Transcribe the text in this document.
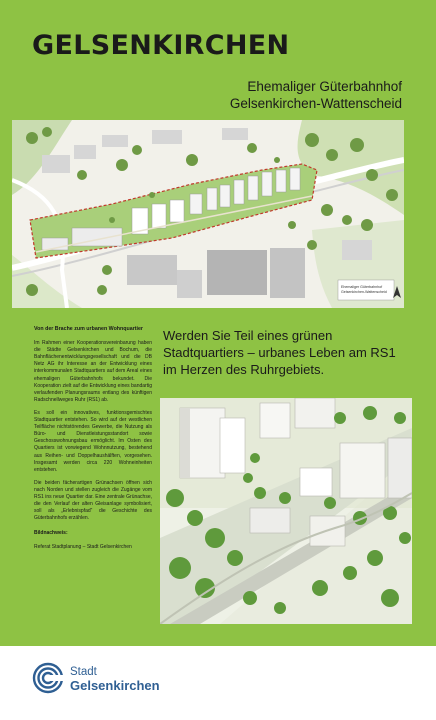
GELSENKIRCHEN
Ehemaliger Güterbahnhof
Gelsenkirchen-Wattenscheid
Ehemaliger Güterbahnhof
Gelsenkirchen-Wattenscheid
Von der Brache zum urbanen Wohnquartier

Im Rahmen einer Kooperationsvereinbarung haben die Städte Gelsenkirchen und Bochum, die Bahnflächenentwicklungsgesellschaft und die DB Netz AG ihr Interesse an der Entwicklung eines interkommunalen Stadtquartiers auf dem Areal eines ehemaligen Güterbahnhofs bekundet. Die Kooperation zielt auf die Entwicklung eines bandartig verlaufenden Planungsraums entlang des künftigen Radschnellweges Ruhr (RS1) ab.

Es soll ein innovatives, funktionsgemischtes Stadtquartier entstehen. So wird auf der westlichen Teilfläche nichtstörendes Gewerbe, die Nutzung als Büro- und Dienstleistungsstandort sowie Geschosswohnungsbau ermöglicht. Im Osten des Quartiers ist vorwiegend Wohnnutzung, bestehend aus Reihen- und Doppelhaushälften, vorgesehen. Insgesamt werden circa 220 Wohneinheiten entstehen.

Die beiden fächerartigen Grünachsen öffnen sich nach Norden und stellen zugleich die Zugänge vom RS1 ins neue Quartier dar. Eine zentrale Grünachse, die den Verlauf der alten Gleisanlage symbolisiert, soll als „Erlebnispfad“ die Geschichte des Güterbahnhofs erzählen.

Bildnachweis:
Referat Stadtplanung – Stadt Gelsenkirchen
Werden Sie Teil eines grünen
Stadtquartiers – urbanes Leben am RS1
im Herzen des Ruhrgebiets.
Stadt
Gelsenkirchen
